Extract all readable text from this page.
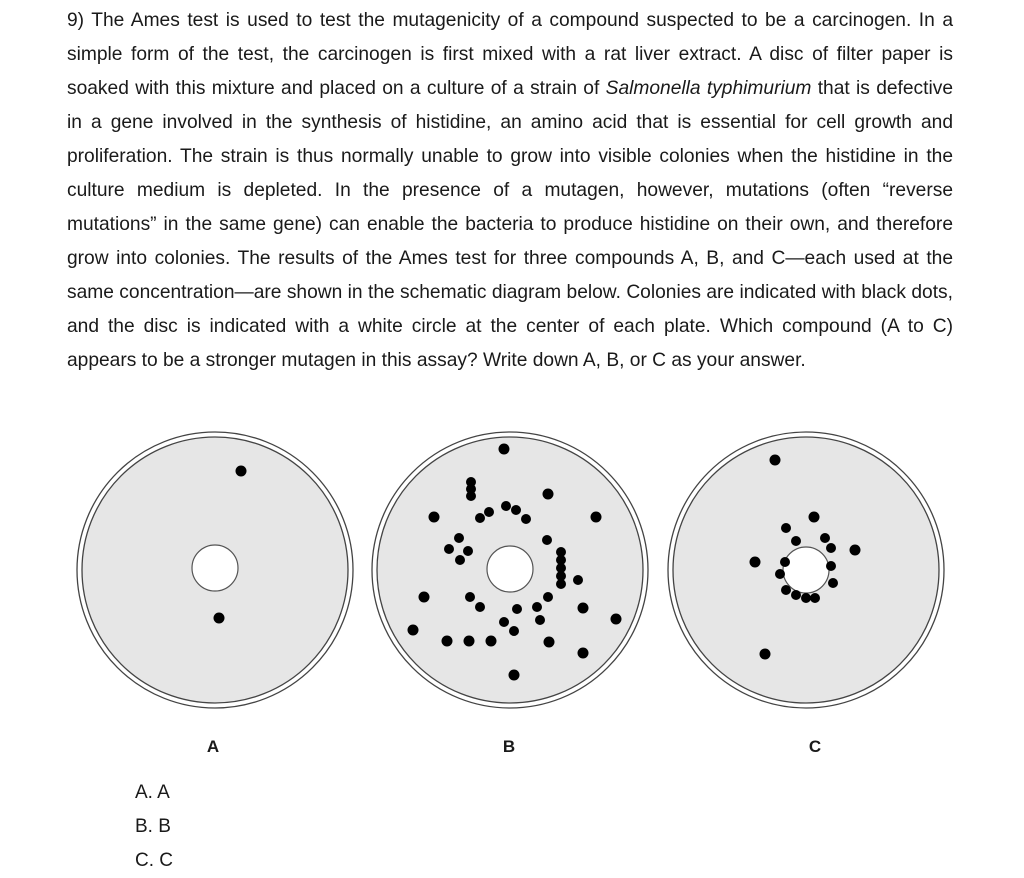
9) The Ames test is used to test the mutagenicity of a compound suspected to be a carcinogen. In a simple form of the test, the carcinogen is first mixed with a rat liver extract. A disc of filter paper is soaked with this mixture and placed on a culture of a strain of Salmonella typhimurium that is defective in a gene involved in the synthesis of histidine, an amino acid that is essential for cell growth and proliferation. The strain is thus normally unable to grow into visible colonies when the histidine in the culture medium is depleted. In the presence of a mutagen, however, mutations (often “reverse mutations” in the same gene) can enable the bacteria to produce histidine on their own, and therefore grow into colonies. The results of the Ames test for three compounds A, B, and C—each used at the same concentration—are shown in the schematic diagram below. Colonies are indicated with black dots, and the disc is indicated with a white circle at the center of each plate. Which compound (A to C) appears to be a stronger mutagen in this assay? Write down A, B, or C as your answer.

A	B	C
A. A
B. B
C. C
